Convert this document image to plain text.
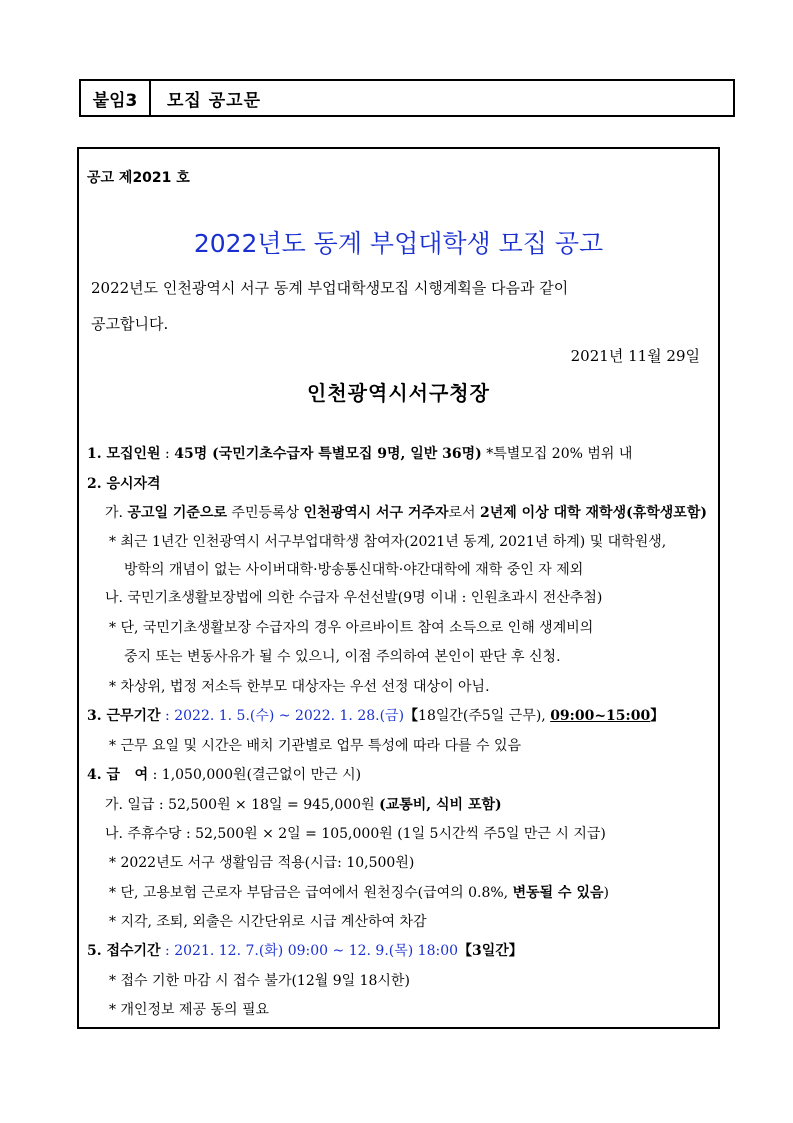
붙임3	모집 공고문
공고 제2021 호
2022년도 동계 부업대학생 모집 공고
2022년도 인천광역시 서구 동계 부업대학생모집 시행계획을 다음과 같이
공고합니다.
2021년 11월 29일
인천광역시서구청장
1. 모집인원 : 45명 (국민기초수급자 특별모집 9명, 일반 36명) *특별모집 20% 범위 내
2. 응시자격
가. 공고일 기준으로 주민등록상 인천광역시 서구 거주자로서 2년제 이상 대학 재학생(휴학생포함)
* 최근 1년간 인천광역시 서구부업대학생 참여자(2021년 동계, 2021년 하계) 및 대학원생,
방학의 개념이 없는 사이버대학·방송통신대학·야간대학에 재학 중인 자 제외
나. 국민기초생활보장법에 의한 수급자 우선선발(9명 이내 : 인원초과시 전산추첨)
* 단, 국민기초생활보장 수급자의 경우 아르바이트 참여 소득으로 인해 생계비의
중지 또는 변동사유가 될 수 있으니, 이점 주의하여 본인이 판단 후 신청.
* 차상위, 법정 저소득 한부모 대상자는 우선 선정 대상이 아님.
3. 근무기간 : 2022. 1. 5.(수) ~ 2022. 1. 28.(금)【18일간(주5일 근무), 09:00~15:00】
* 근무 요일 및 시간은 배치 기관별로 업무 특성에 따라 다를 수 있음
4. 급   여 : 1,050,000원(결근없이 만근 시)
가. 일급 : 52,500원 × 18일 = 945,000원 (교통비, 식비 포함)
나. 주휴수당 : 52,500원 × 2일 = 105,000원 (1일 5시간씩 주5일 만근 시 지급)
* 2022년도 서구 생활임금 적용(시급: 10,500원)
* 단, 고용보험 근로자 부담금은 급여에서 원천징수(급여의 0.8%, 변동될 수 있음)
* 지각, 조퇴, 외출은 시간단위로 시급 계산하여 차감
5. 접수기간 : 2021. 12. 7.(화) 09:00 ~ 12. 9.(목) 18:00【3일간】
* 접수 기한 마감 시 접수 불가(12월 9일 18시한)
* 개인정보 제공 동의 필요
